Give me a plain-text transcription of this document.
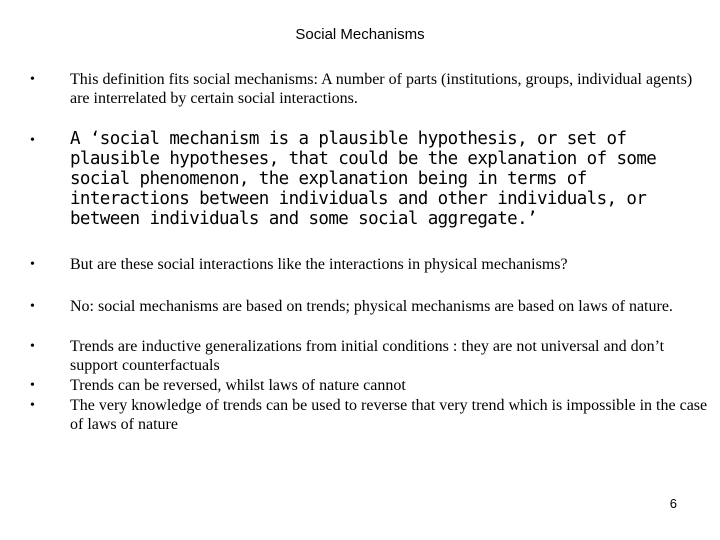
Social Mechanisms
• This definition fits social mechanisms: A number of parts (institutions, groups, individual agents) are interrelated by certain social interactions.
• A ‘social mechanism is a plausible hypothesis, or set of plausible hypotheses, that could be the explanation of some social phenomenon, the explanation being in terms of interactions between individuals and other individuals, or between individuals and some social aggregate.’
• But are these social interactions like the interactions in physical mechanisms?
• No: social mechanisms are based on trends; physical mechanisms are based on laws of nature.
• Trends are inductive generalizations from initial conditions : they are not universal and don’t support counterfactuals
• Trends can be reversed, whilst laws of nature cannot
• The very knowledge of trends can be used to reverse that very trend which is impossible in the case of laws of nature
6
